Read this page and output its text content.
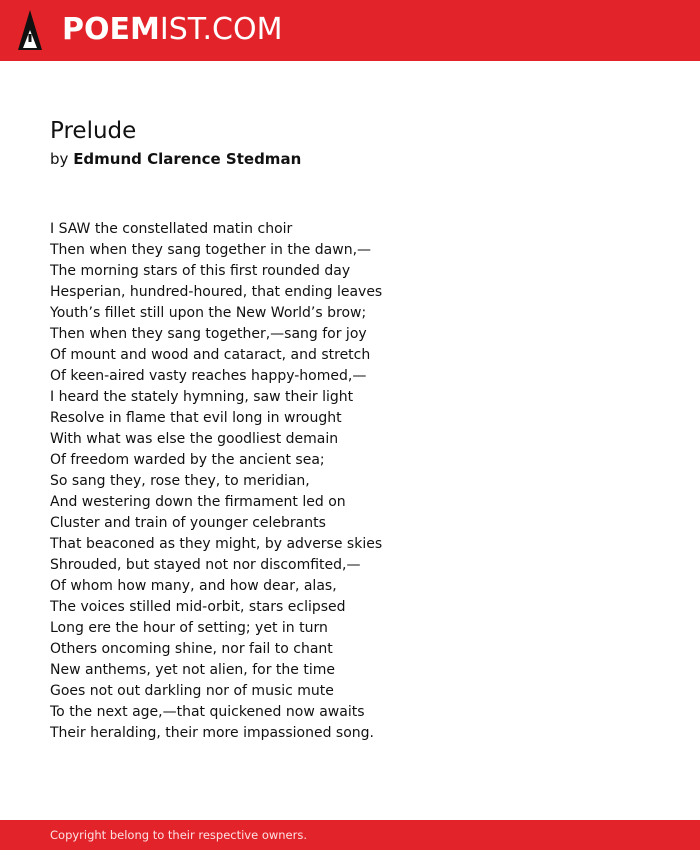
POEMIST.COM
Prelude
by Edmund Clarence Stedman
I SAW the constellated matin choir
Then when they sang together in the dawn,—
The morning stars of this first rounded day
Hesperian, hundred-houred, that ending leaves
Youth’s fillet still upon the New World’s brow;
Then when they sang together,—sang for joy
Of mount and wood and cataract, and stretch
Of keen-aired vasty reaches happy-homed,—
I heard the stately hymning, saw their light
Resolve in flame that evil long in wrought
With what was else the goodliest demain
Of freedom warded by the ancient sea;
So sang they, rose they, to meridian,
And westering down the firmament led on
Cluster and train of younger celebrants
That beaconed as they might, by adverse skies
Shrouded, but stayed not nor discomfited,—
Of whom how many, and how dear, alas,
The voices stilled mid-orbit, stars eclipsed
Long ere the hour of setting; yet in turn
Others oncoming shine, nor fail to chant
New anthems, yet not alien, for the time
Goes not out darkling nor of music mute
To the next age,—that quickened now awaits
Their heralding, their more impassioned song.
Copyright belong to their respective owners.
